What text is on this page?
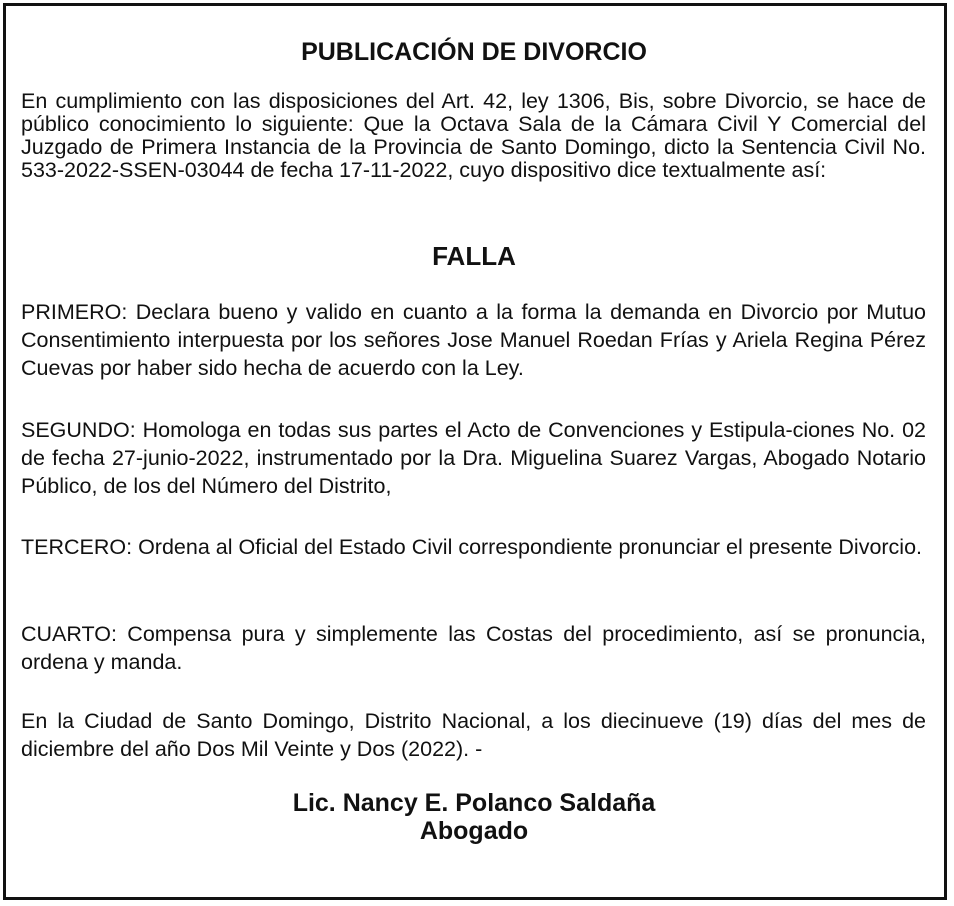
PUBLICACIÓN DE DIVORCIO
En cumplimiento con las disposiciones del Art. 42, ley 1306, Bis, sobre Divorcio, se hace de público conocimiento lo siguiente: Que la Octava Sala de la Cámara Civil Y Comercial del Juzgado de Primera Instancia de la Provincia de Santo Domingo, dicto la Sentencia Civil No. 533-2022-SSEN-03044 de fecha 17-11-2022, cuyo dispositivo dice textualmente así:
FALLA
PRIMERO: Declara bueno y valido en cuanto a la forma la demanda en Divorcio por Mutuo Consentimiento interpuesta por los señores Jose Manuel Roedan Frías y Ariela Regina Pérez Cuevas por haber sido hecha de acuerdo con la Ley.
SEGUNDO: Homologa en todas sus partes el Acto de Convenciones y Estipula-ciones No. 02 de fecha 27-junio-2022, instrumentado por la Dra. Miguelina Suarez Vargas, Abogado Notario Público, de los del Número del Distrito,
TERCERO: Ordena al Oficial del Estado Civil correspondiente pronunciar el presente Divorcio.
CUARTO: Compensa pura y simplemente las Costas del procedimiento, así se pronuncia, ordena y manda.
En la Ciudad de Santo Domingo, Distrito Nacional, a los diecinueve (19) días del mes de diciembre del año Dos Mil Veinte y Dos (2022). -
Lic. Nancy E. Polanco Saldaña
Abogado
